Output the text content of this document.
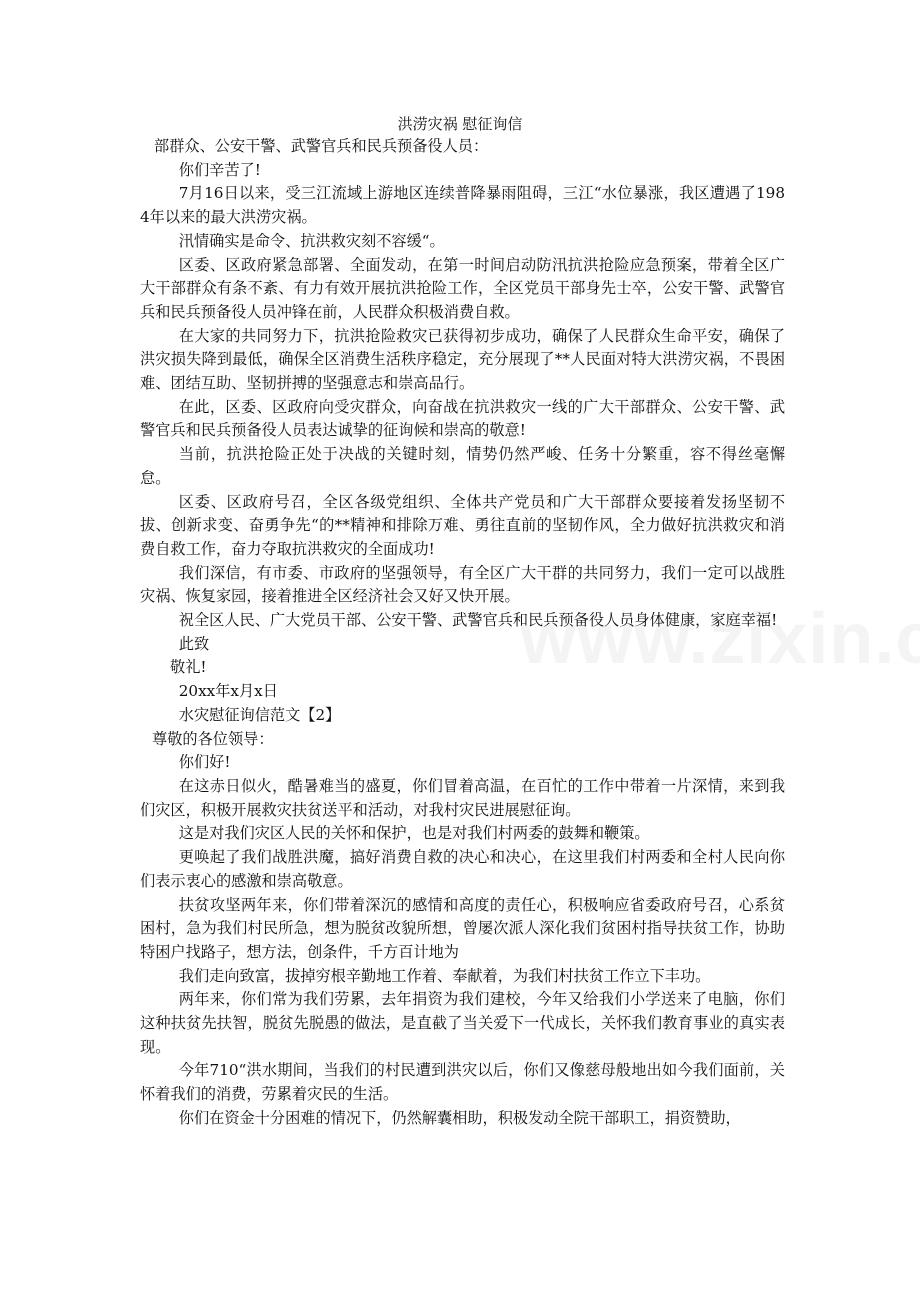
洪涝灾祸 慰征询信

部群众、公安干警、武警官兵和民兵预备役人员：

你们辛苦了!

7月16日以来，受三江流域上游地区连续普降暴雨阻碍，三江“水位暴涨，我区遭遇了1984年以来的最大洪涝灾祸。

汛情确实是命令、抗洪救灾刻不容缓“。

区委、区政府紧急部署、全面发动，在第一时间启动防汛抗洪抢险应急预案，带着全区广大干部群众有条不紊、有力有效开展抗洪抢险工作，全区党员干部身先士卒，公安干警、武警官兵和民兵预备役人员冲锋在前，人民群众积极消费自救。

在大家的共同努力下，抗洪抢险救灾已获得初步成功，确保了人民群众生命平安，确保了洪灾损失降到最低，确保全区消费生活秩序稳定，充分展现了**人民面对特大洪涝灾祸，不畏困难、团结互助、坚韧拼搏的坚强意志和崇高品行。

在此，区委、区政府向受灾群众，向奋战在抗洪救灾一线的广大干部群众、公安干警、武警官兵和民兵预备役人员表达诚挚的征询候和崇高的敬意!

当前，抗洪抢险正处于决战的关键时刻，情势仍然严峻、任务十分繁重，容不得丝毫懈怠。

区委、区政府号召，全区各级党组织、全体共产党员和广大干部群众要接着发扬坚韧不拔、创新求变、奋勇争先“的**精神和排除万难、勇往直前的坚韧作风，全力做好抗洪救灾和消费自救工作，奋力夺取抗洪救灾的全面成功!

我们深信，有市委、市政府的坚强领导，有全区广大干群的共同努力，我们一定可以战胜灾祸、恢复家园，接着推进全区经济社会又好又快开展。

祝全区人民、广大党员干部、公安干警、武警官兵和民兵预备役人员身体健康，家庭幸福!

此致

敬礼!

20xx年x月x日

水灾慰征询信范文【2】

尊敬的各位领导：

你们好!

在这赤日似火，酷暑难当的盛夏，你们冒着高温，在百忙的工作中带着一片深情，来到我们灾区，积极开展救灾扶贫送平和活动，对我村灾民进展慰征询。

这是对我们灾区人民的关怀和保护，也是对我们村两委的鼓舞和鞭策。

更唤起了我们战胜洪魔，搞好消费自救的决心和决心，在这里我们村两委和全村人民向你们表示衷心的感激和崇高敬意。

扶贫攻坚两年来，你们带着深沉的感情和高度的责任心，积极响应省委政府号召，心系贫困村，急为我们村民所急，想为脱贫改貌所想，曾屡次派人深化我们贫困村指导扶贫工作，协助特困户找路子，想方法，创条件，千方百计地为

我们走向致富，拔掉穷根辛勤地工作着、奉献着，为我们村扶贫工作立下丰功。

两年来，你们常为我们劳累，去年捐资为我们建校，今年又给我们小学送来了电脑，你们这种扶贫先扶智，脱贫先脱愚的做法，是直截了当关爱下一代成长，关怀我们教育事业的真实表现。

今年710“洪水期间，当我们的村民遭到洪灾以后，你们又像慈母般地出如今我们面前，关怀着我们的消费，劳累着灾民的生活。

你们在资金十分困难的情况下，仍然解囊相助，积极发动全院干部职工，捐资赞助，
